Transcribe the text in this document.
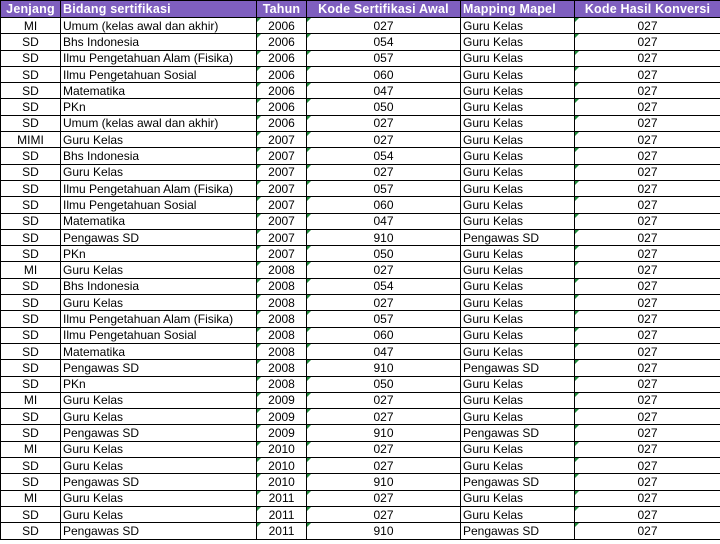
Jenjang	Bidang sertifikasi	Tahun	Kode Sertifikasi Awal	Mapping Mapel	Kode Hasil Konversi
MI	Umum (kelas awal dan akhir)	2006	027	Guru Kelas	027
SD	Bhs Indonesia	2006	054	Guru Kelas	027
SD	Ilmu Pengetahuan Alam (Fisika)	2006	057	Guru Kelas	027
SD	Ilmu Pengetahuan Sosial	2006	060	Guru Kelas	027
SD	Matematika	2006	047	Guru Kelas	027
SD	PKn	2006	050	Guru Kelas	027
SD	Umum (kelas awal dan akhir)	2006	027	Guru Kelas	027
MIMI	Guru Kelas	2007	027	Guru Kelas	027
SD	Bhs Indonesia	2007	054	Guru Kelas	027
SD	Guru Kelas	2007	027	Guru Kelas	027
SD	Ilmu Pengetahuan Alam (Fisika)	2007	057	Guru Kelas	027
SD	Ilmu Pengetahuan Sosial	2007	060	Guru Kelas	027
SD	Matematika	2007	047	Guru Kelas	027
SD	Pengawas SD	2007	910	Pengawas SD	027
SD	PKn	2007	050	Guru Kelas	027
MI	Guru Kelas	2008	027	Guru Kelas	027
SD	Bhs Indonesia	2008	054	Guru Kelas	027
SD	Guru Kelas	2008	027	Guru Kelas	027
SD	Ilmu Pengetahuan Alam (Fisika)	2008	057	Guru Kelas	027
SD	Ilmu Pengetahuan Sosial	2008	060	Guru Kelas	027
SD	Matematika	2008	047	Guru Kelas	027
SD	Pengawas SD	2008	910	Pengawas SD	027
SD	PKn	2008	050	Guru Kelas	027
MI	Guru Kelas	2009	027	Guru Kelas	027
SD	Guru Kelas	2009	027	Guru Kelas	027
SD	Pengawas SD	2009	910	Pengawas SD	027
MI	Guru Kelas	2010	027	Guru Kelas	027
SD	Guru Kelas	2010	027	Guru Kelas	027
SD	Pengawas SD	2010	910	Pengawas SD	027
MI	Guru Kelas	2011	027	Guru Kelas	027
SD	Guru Kelas	2011	027	Guru Kelas	027
SD	Pengawas SD	2011	910	Pengawas SD	027
